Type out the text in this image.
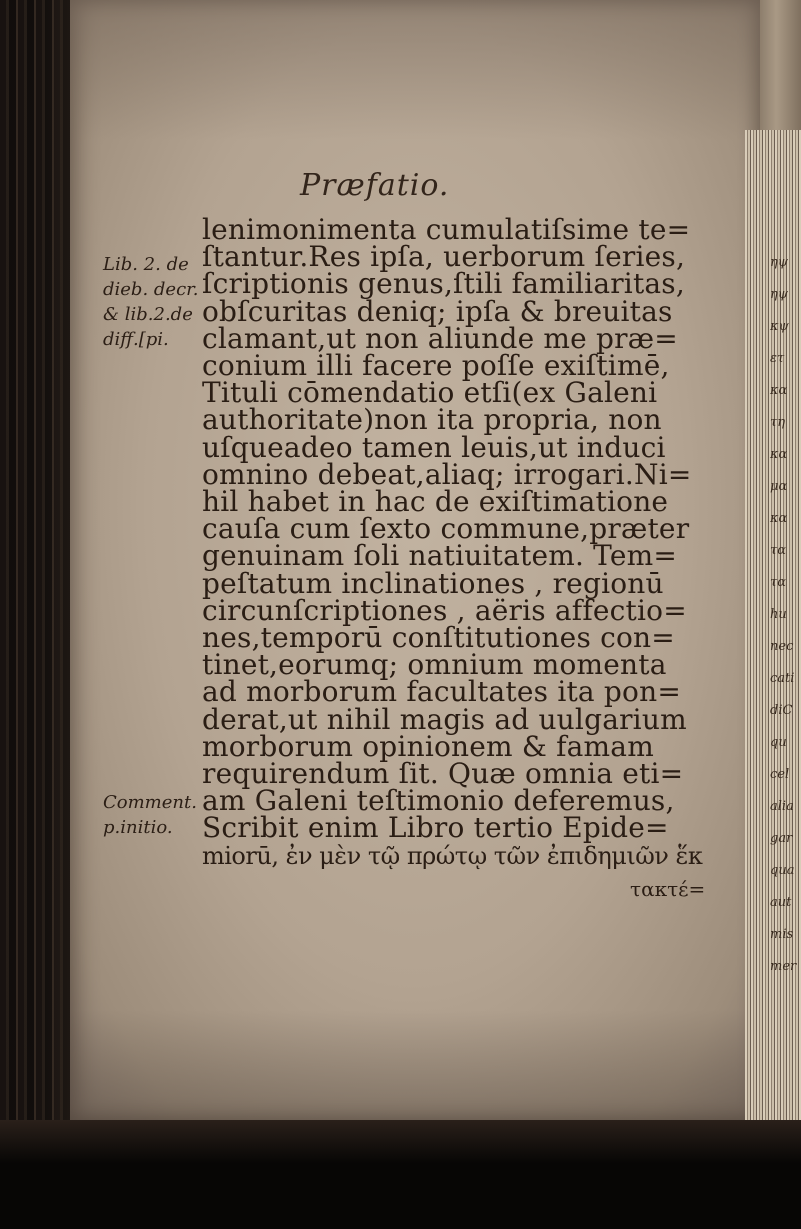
Præfatio.
Lib. 2. de
dieb. decr.
& lib.2.de
diff.[pi.
Comment.
p.initio.
lenimonimenta cumulatiſsime te=
ſtantur.Res ipſa, uerborum ſeries,
ſcriptionis genus,ſtili familiaritas,
obſcuritas deniq; ipſa & breuitas
clamant,ut non aliunde me præ=
conium illi facere poſſe exiſtimē,
Tituli cōmendatio etſi(ex Galeni
authoritate)non ita propria, non
uſqueadeo tamen leuis,ut induci
omnino debeat,aliaq; irrogari.Ni=
hil habet in hac de exiſtimatione
cauſa cum ſexto commune,præter
genuinam ſoli natiuitatem. Tem=
peſtatum inclinationes , regionū
circunſcriptiones , aëris affectio=
nes,temporū conſtitutiones con=
tinet,eorumq; omnium momenta
ad morborum facultates ita pon=
derat,ut nihil magis ad uulgarium
morborum opinionem & famam
requirendum ſit. Quæ omnia eti=
am Galeni teſtimonio deferemus,
Scribit enim Libro tertio Epide=
miorū, ἐν μὲν τῷ πρώτῳ τῶν ἐπιδημιῶν ἕκ
τακτέ=
ηψ
ηψ
κψ
ετ
κα
τη
κα
μα
κα
τα
τα
hu
nec
cati
diC
qu
cel
alia
gar
qua
aut
mis
mer
